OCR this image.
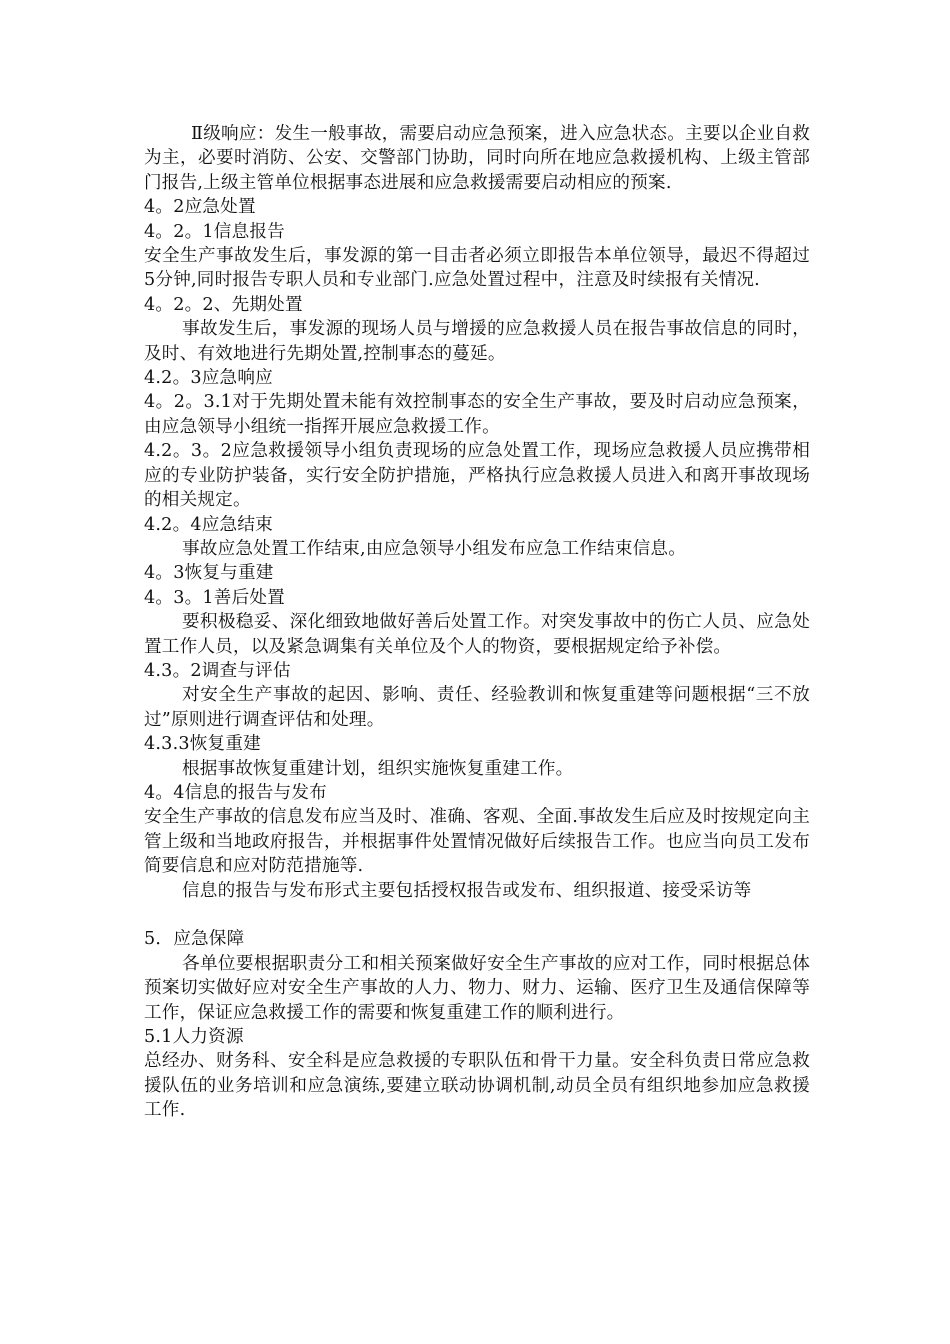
Ⅱ级响应：发生一般事故，需要启动应急预案，进入应急状态。主要以企业自救为主，必要时消防、公安、交警部门协助，同时向所在地应急救援机构、上级主管部门报告,上级主管单位根据事态进展和应急救援需要启动相应的预案.

4。2应急处置
4。2。1信息报告

安全生产事故发生后，事发源的第一目击者必须立即报告本单位领导，最迟不得超过5分钟,同时报告专职人员和专业部门.应急处置过程中，注意及时续报有关情况.

4。2。2、先期处置

事故发生后，事发源的现场人员与增援的应急救援人员在报告事故信息的同时，及时、有效地进行先期处置,控制事态的蔓延。

4.2。3应急响应

4。2。3.1对于先期处置未能有效控制事态的安全生产事故，要及时启动应急预案，由应急领导小组统一指挥开展应急救援工作。

4.2。3。2应急救援领导小组负责现场的应急处置工作，现场应急救援人员应携带相应的专业防护装备，实行安全防护措施，严格执行应急救援人员进入和离开事故现场的相关规定。

4.2。4应急结束

事故应急处置工作结束,由应急领导小组发布应急工作结束信息。

4。3恢复与重建
4。3。1善后处置

要积极稳妥、深化细致地做好善后处置工作。对突发事故中的伤亡人员、应急处置工作人员，以及紧急调集有关单位及个人的物资，要根据规定给予补偿。

4.3。2调查与评估

对安全生产事故的起因、影响、责任、经验教训和恢复重建等问题根据“三不放过”原则进行调查评估和处理。

4.3.3恢复重建

根据事故恢复重建计划，组织实施恢复重建工作。

4。4信息的报告与发布

安全生产事故的信息发布应当及时、准确、客观、全面.事故发生后应及时按规定向主管上级和当地政府报告，并根据事件处置情况做好后续报告工作。也应当向员工发布简要信息和应对防范措施等.

信息的报告与发布形式主要包括授权报告或发布、组织报道、接受采访等

5．应急保障

各单位要根据职责分工和相关预案做好安全生产事故的应对工作，同时根据总体预案切实做好应对安全生产事故的人力、物力、财力、运输、医疗卫生及通信保障等工作，保证应急救援工作的需要和恢复重建工作的顺利进行。

5.1人力资源

总经办、财务科、安全科是应急救援的专职队伍和骨干力量。安全科负责日常应急救援队伍的业务培训和应急演练,要建立联动协调机制,动员全员有组织地参加应急救援工作.
